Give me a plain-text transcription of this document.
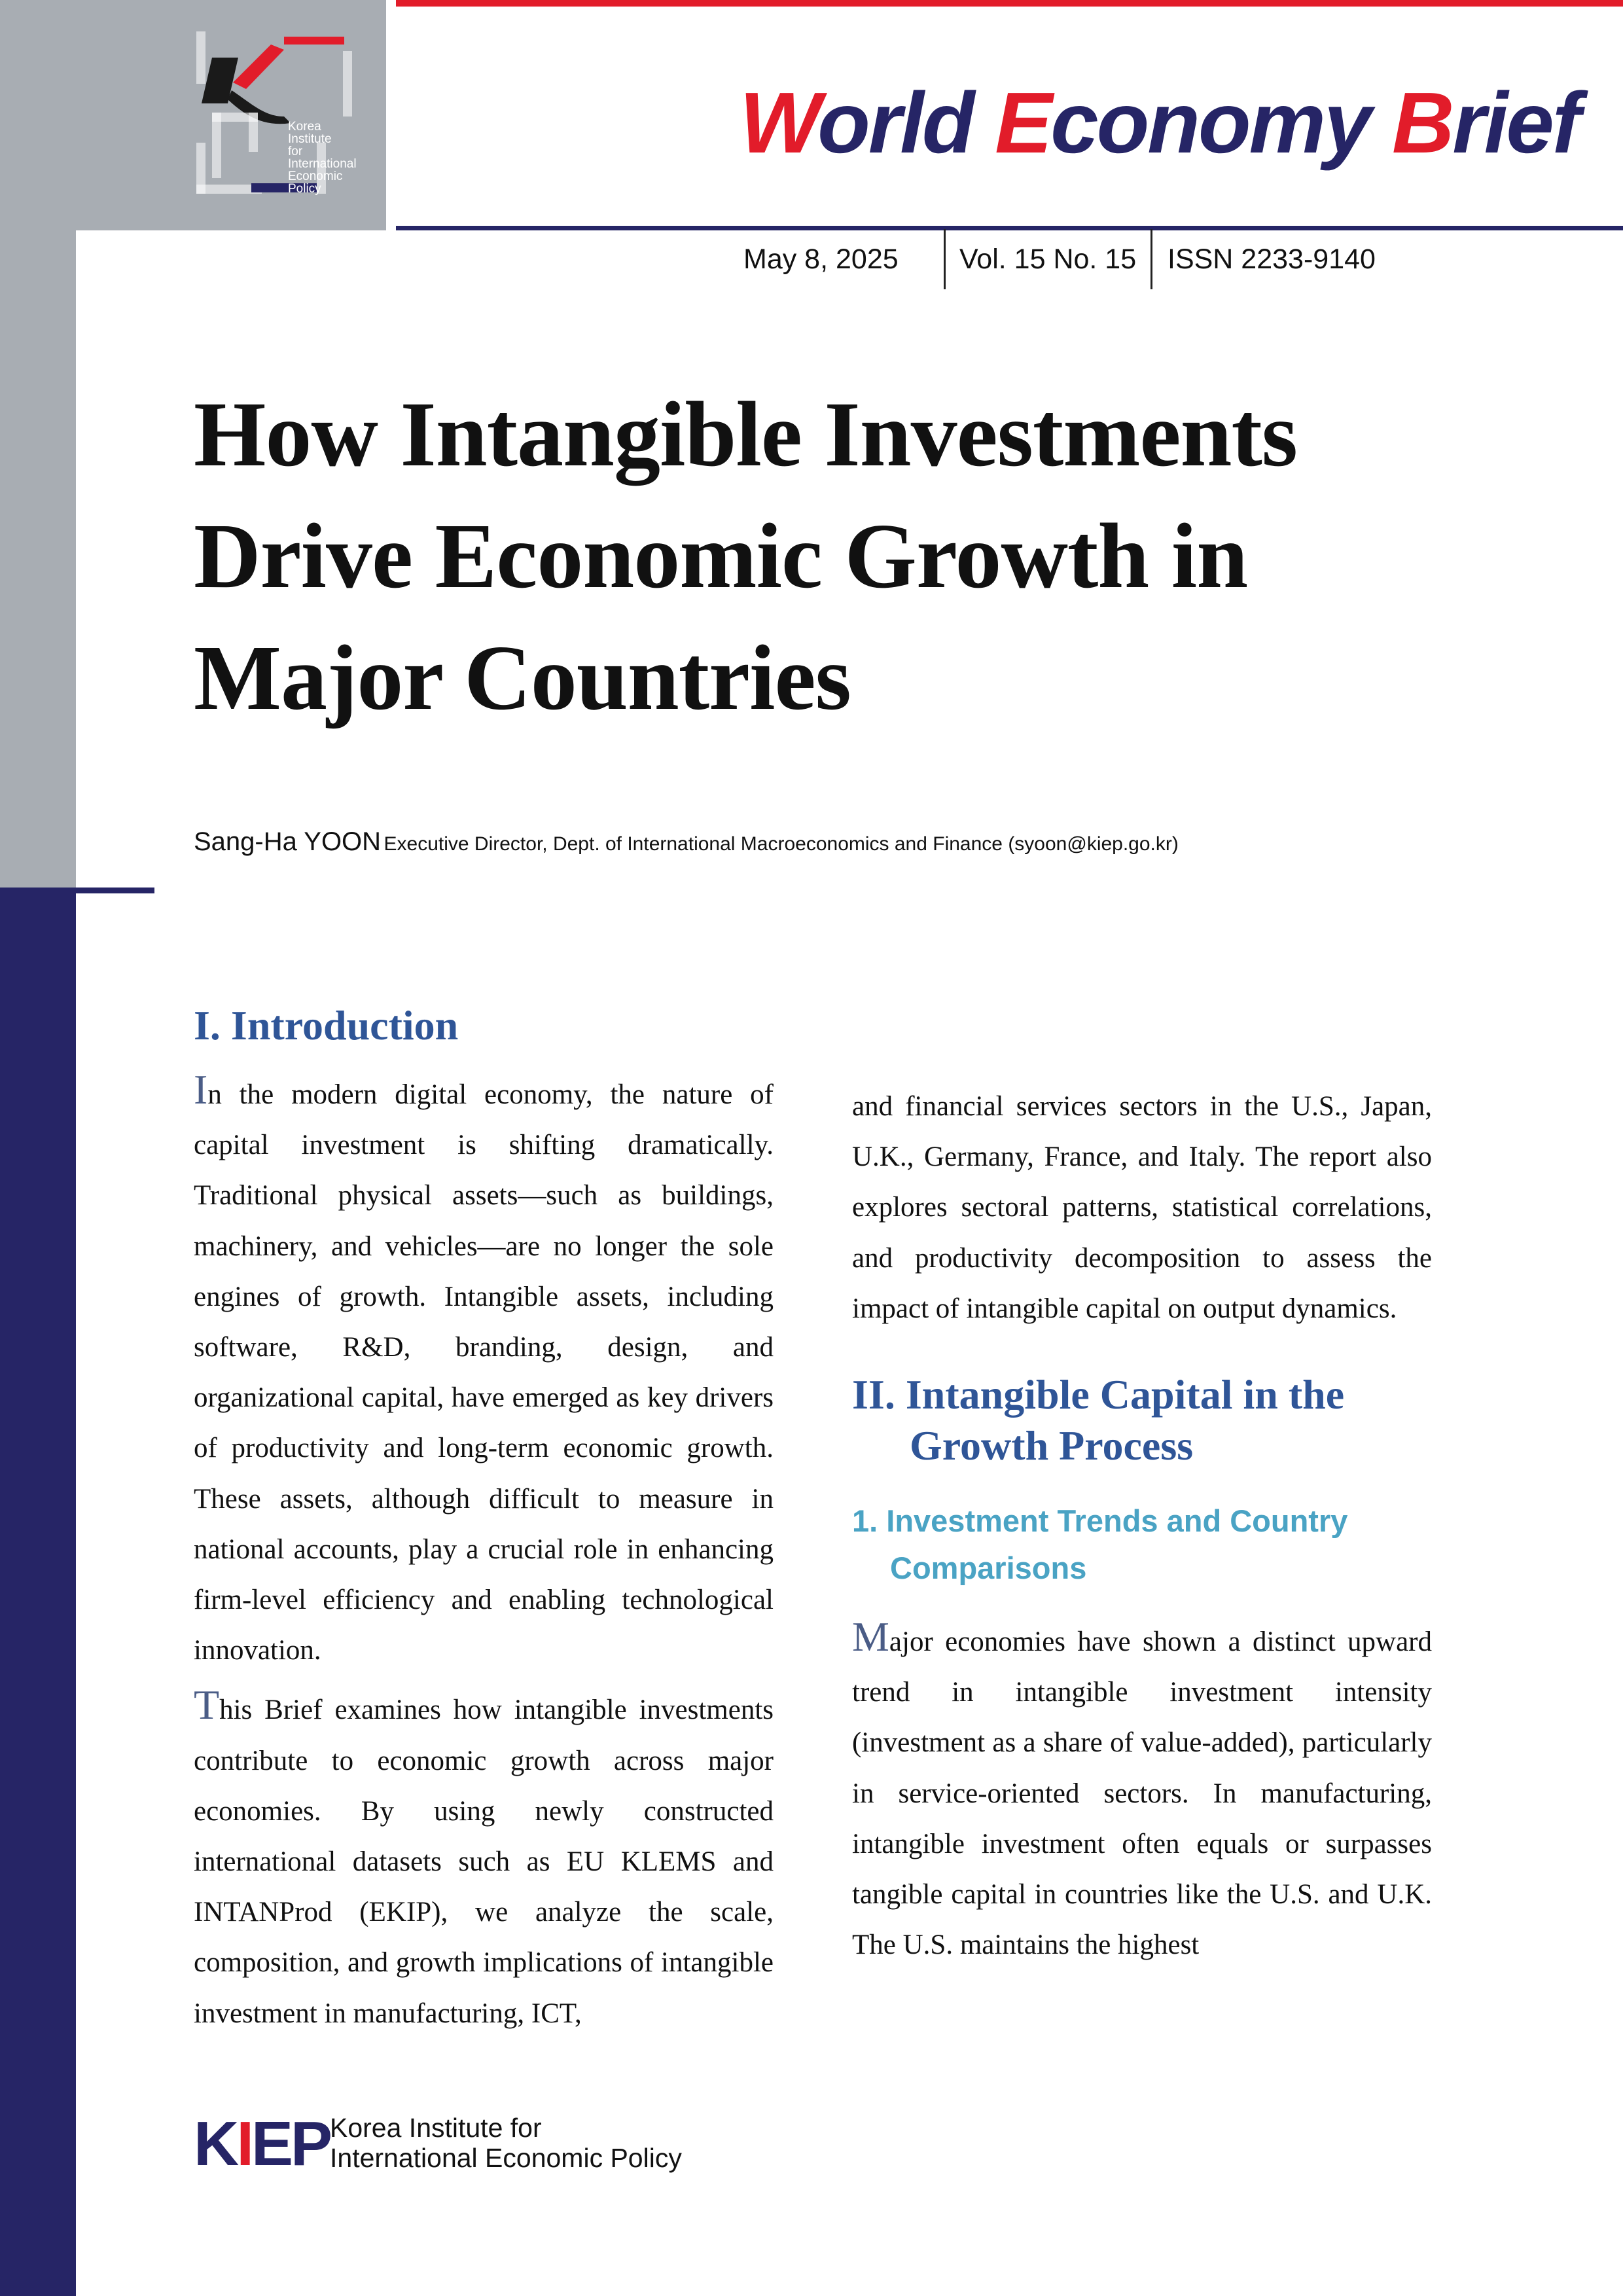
Korea Institute for International Economic Policy
World Economy Brief
May 8, 2025 Vol. 15 No. 15 ISSN 2233-9140
How Intangible Investments
Drive Economic Growth in
Major Countries
Sang-Ha YOON Executive Director, Dept. of International Macroeconomics and Finance (syoon@kiep.go.kr)
I. Introduction

In the modern digital economy, the nature of capital investment is shifting dramatically. Traditional physical assets—such as buildings, machinery, and vehicles—are no longer the sole engines of growth. Intangible assets, including software, R&D, branding, design, and organizational capital, have emerged as key drivers of productivity and long-term economic growth. These assets, although difficult to measure in national accounts, play a crucial role in enhancing firm-level efficiency and enabling technological innovation.

This Brief examines how intangible investments contribute to economic growth across major economies. By using newly constructed international datasets such as EU KLEMS and INTANProd (EKIP), we analyze the scale, composition, and growth implications of intangible investment in manufacturing, ICT,

and financial services sectors in the U.S., Japan, U.K., Germany, France, and Italy. The report also explores sectoral patterns, statistical correlations, and productivity decomposition to assess the impact of intangible capital on output dynamics.

II. Intangible Capital in the
Growth Process
1. Investment Trends and Country
Comparisons

Major economies have shown a distinct upward trend in intangible investment intensity (investment as a share of value-added), particularly in service-oriented sectors. In manufacturing, intangible investment often equals or surpasses tangible capital in countries like the U.S. and U.K. The U.S. maintains the highest

KIEP Korea Institute for
International Economic Policy
